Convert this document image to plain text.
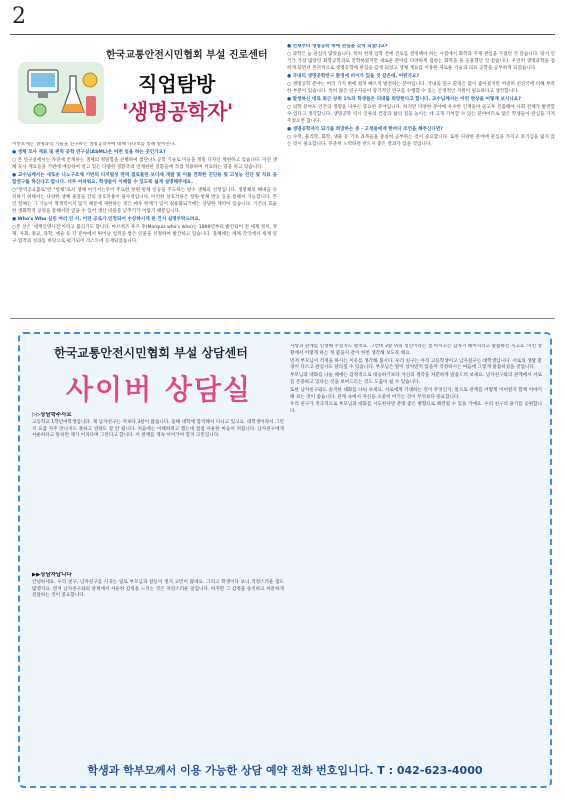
2
한국교통안전시민협회 부설 진로센터
직업탐방
'생명공학자'

이번호에는 생명과학 기술을 연구하는 생명공학자에 대해 나타보를 통해 알아본다.

● 생체 모사 재료 및 편역 공학 연구실(ASML)은 어떤 일을 하는 곳인가요?

○ 본 연구실에서는 자연에 존재하는 생체의 정밀함을 선별하여 첨단나노공학 기술로 이들을 정밀 디자인 재현하고 있습니다. 자연 생체 모사 재료들을 기반에 매칭하여 알고 있는 다양한 질환측의 연계편한 질환들에 직접 적용하여 치료하는 일을 하고 있습니다.

● 교수님께서는 새로운 나노구조체 기반의 디지털성 면역 결로물린 보다세 개발 및 이를 전화한 진단용 및 고성능 진단 및 치료 융합연구를 하신다고 합니다. 너무 어려워요. 학생들이 이해할 수 있도록 쉽게 설명해주세요.

○"면역공요불로"란 "항체"로서 생체 여기서는주어 주요한 항원-항체 인승을 주도하는 항수 생체의 선정입니다. 생명체의 해내을 유치하기 위해서는 다양한 생체 물질들 간의 상호작용이 필수적입니다. 이러한 상호작용은 항원-항체 반응 등을 통해서 가능합니다. 본인 항체는 그 기능이 재생적이지 않기 때문에 재현하는 것은 매우 한계가 있어 실용화되기에는 상당한 제약이 있습니다. 기존의 효율한 생화학적 공정을 통해서만 얻을 수 있어 생산 비용을 낮추기가 어렵기 때문입니다.

● Who's Who 실린 여러 인 사, 이런 공로가 인정되어 수상하시게 된 건지 실명부탁드려요.

○본 상은 '세계인명사전'이라고 불리기도 합니다. 마르퀴즈 후즈 후(Marquis who's who)는 1899년부터 발간되어 전 세계 정치, 경제, 사회, 종교, 과학, 예술 등 각 분야에서 뛰어난 업적을 쌓은 인물을 선정하여 발간하고 있습니다. 올해에는 세계 각국에서 세계 연구 업적과 성과를 바탕으로 평가되어 리스트에 등재되었습니다.

● 연재부터 생명공학 쪽에 관심을 갖게 되셨나요?

○ 과학은 늘 관심이 많았습니다. 특히 현재 입학 전에 진로를 결정해야 하는 시점에서 화학과 주제 관심을 가졌던 것 같습니다. 당시 인기가 가장 많았던 화학공학과로 진학하였지만 새로운 분야를 다양하게 접하는 화학을 을 응용했던 것 같습니다. 우연히 생명과학을 접하게 되면서 본격적으로 생명공학에 관심을 갖게 되었고 생체 재료를 이용한 새로운 기술과 의료 공학을 공부하게 되었습니다.

● 국내의 생명공학연구 환경에 비이가 있을 것 같은데, 어떤가요?

○ 생명공학 분야는 여러 가지 변에 걸쳐 빠르게 발전하는 분야입니다. 국내의 연구 환경은 많이 좋아졌지만 여전히 선진국에 비해 부족한 부분이 있습니다. 특히 젊은 연구자들이 장기적인 연구를 수행할 수 있는 안정적인 지원이 필요하다고 생각합니다.

● 발생하신 대로 최근 상위 1%의 학생들은 의대를 희망한다고 합니다. 교수님께서는 이런 현상을 어떻게 보시나요?

○ 의학 분야도 인간의 생명을 다루는 중요한 분야입니다. 하지만 다양한 분야에 우수한 인재들이 골고루 진출해야 사회 전체가 발전할 수 있다고 생각합니다. 생명공학 역시 인류의 건강과 삶의 질을 높이는 데 크게 기여할 수 있는 분야이므로 많은 학생들이 관심을 가져주었으면 합니다.

● 생명공학자가 되기를 희망하는 중 · 고생들에게 한마디 조언을 해주신다면?

○ 수학, 물리학, 화학, 생물 등 기초 과목들을 충실히 공부하는 것이 중요합니다. 또한 다양한 분야에 관심을 가지고 호기심을 잃지 않는 것이 필요합니다. 꾸준히 노력하면 반드시 좋은 결과가 있을 것입니다.

한국교통안전시민협회 부설 상담센터
사이버 상담실

▷▷상담학주사요

고등학교 1학년여학생입니다. 제 남자친구는 저보다 3살이 많습니다. 올해 대학에 합격해서 다니고 있고요. 대학생이라서 그런지 요즘 자주 만나지도 못하고 연락도 잘 안 됩니다. 처음에는 이해하려고 했는데 점점 서운한 마음이 커집니다. 남자친구에게 서운하다고 말하면 제가 어리다며 그런다고 합니다. 이 관계를 계속 이어가야 할지 고민입니다.

▶▶상담자답니다

안녕하세요. 우리 친구, 남자친구를 사귀는 일로 부모님과 갈등이 생겨 고민이 많네요. 그리고 학생이다 보니 걱정스러운 점도 많겠지요. 먼저 남자친구와의 관계에서 서운한 감정을 느끼는 것은 자연스러운 일입니다. 하지만 그 감정을 솔직하고 차분하게 전달하는 것이 중요합니다.

사랑과 관계를 인정해 주셨지도 펼치요. 그런데 3살 위의 성인이라는 점 아시고는 감자기 헤어지라고 말씀하신 지고요. 이런 상황에서 어떻게 하는 게 좋을지 같이 한번 생각해 보도록 해요.

먼저 부모님이 걱정을 하시는 이유를 생각해 봅시다. 우리 친구는 아직 고등학생이고 남자친구는 대학생입니다. 서로의 생활 환경이 다르고 관심사도 달라질 수 있습니다. 부모님은 딸이 상처받지 않을까 걱정하시는 마음에 그렇게 말씀하셨을 것입니다.

부모님과 대화를 나눌 때에는 감정적으로 대응하기보다 자신의 생각을 차분하게 말씀드려 보세요. 남자친구와의 관계에서 서로를 존중하고 있다는 것을 보여드리는 것도 도움이 될 수 있습니다.

또한 남자친구와도 솔직한 대화를 나눠 보세요. 서로에게 기대하는 것이 무엇인지, 앞으로 관계를 어떻게 이어갈지 함께 이야기해 보는 것이 좋습니다. 관계 속에서 자신을 소중히 여기는 것이 무엇보다 중요합니다.

우리 친구가 적극적으로 부모님과 대화를 시도한다면 분명 좋은 방향으로 해결될 수 있을 거예요. 우리 친구의 용기를 응원합니다.

학생과 학부모께서 이용 가능한 상담 예약 전화 번호입니다. T : 042-623-4000
